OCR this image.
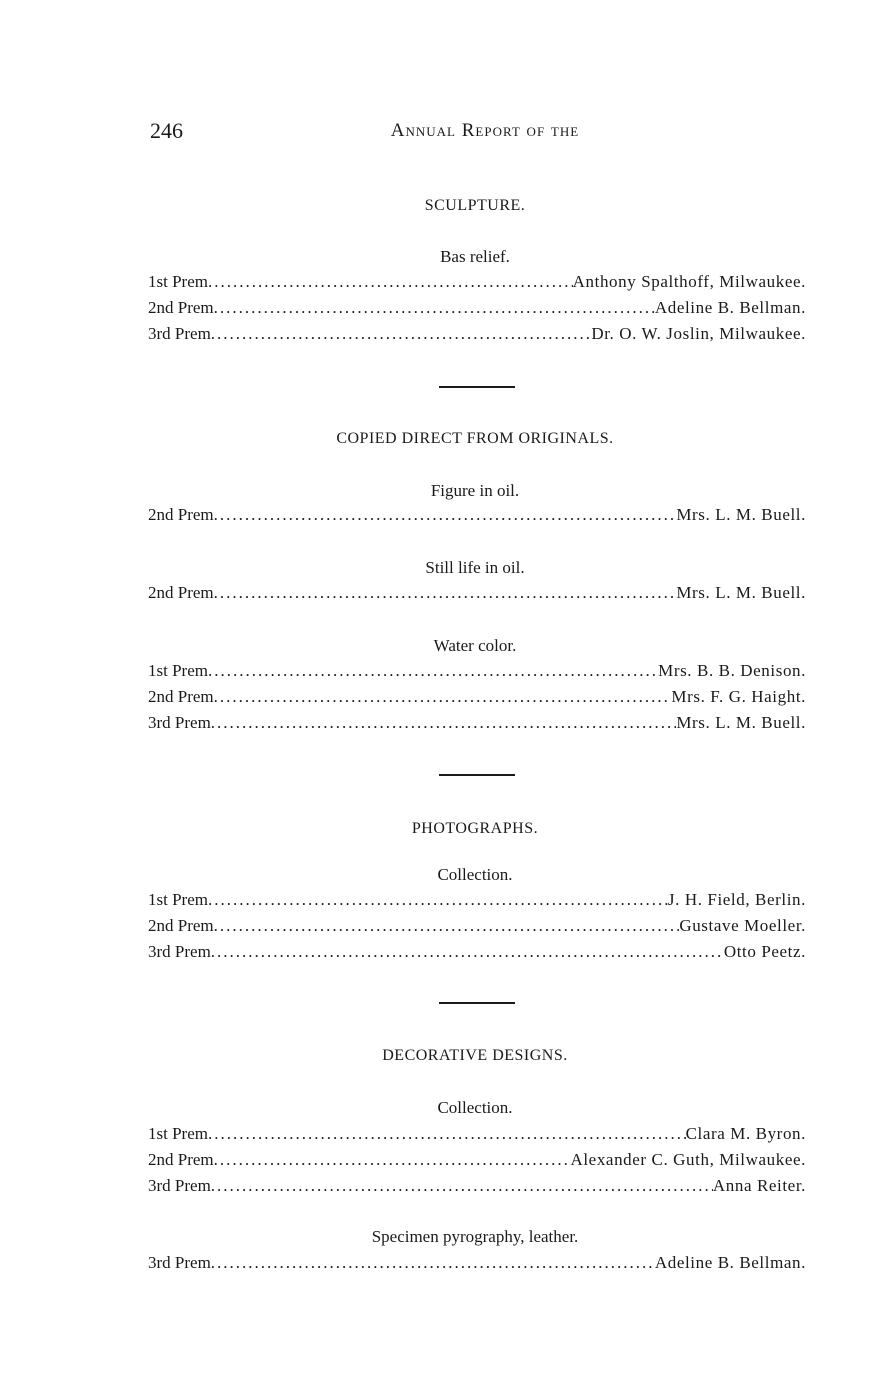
246	Annual Report of the
SCULPTURE.
Bas relief.
1st Prem .....	Anthony Spalthoff, Milwaukee.
2nd Prem .....	Adeline B. Bellman.
3rd Prem .....	Dr. O. W. Joslin, Milwaukee.
COPIED DIRECT FROM ORIGINALS.
Figure in oil.
2nd Prem .....	Mrs. L. M. Buell.
Still life in oil.
2nd Prem .....	Mrs. L. M. Buell.
Water color.
1st Prem .....	Mrs. B. B. Denison.
2nd Prem .....	Mrs. F. G. Haight.
3rd Prem .....	Mrs. L. M. Buell.
PHOTOGRAPHS.
Collection.
1st Prem .....	J. H. Field, Berlin.
2nd Prem .....	Gustave Moeller.
3rd Prem .....	Otto Peetz.
DECORATIVE DESIGNS.
Collection.
1st Prem .....	Clara M. Byron.
2nd Prem .....	Alexander C. Guth, Milwaukee.
3rd Prem .....	Anna Reiter.
Specimen pyrography, leather.
3rd Prem .....	Adeline B. Bellman.
